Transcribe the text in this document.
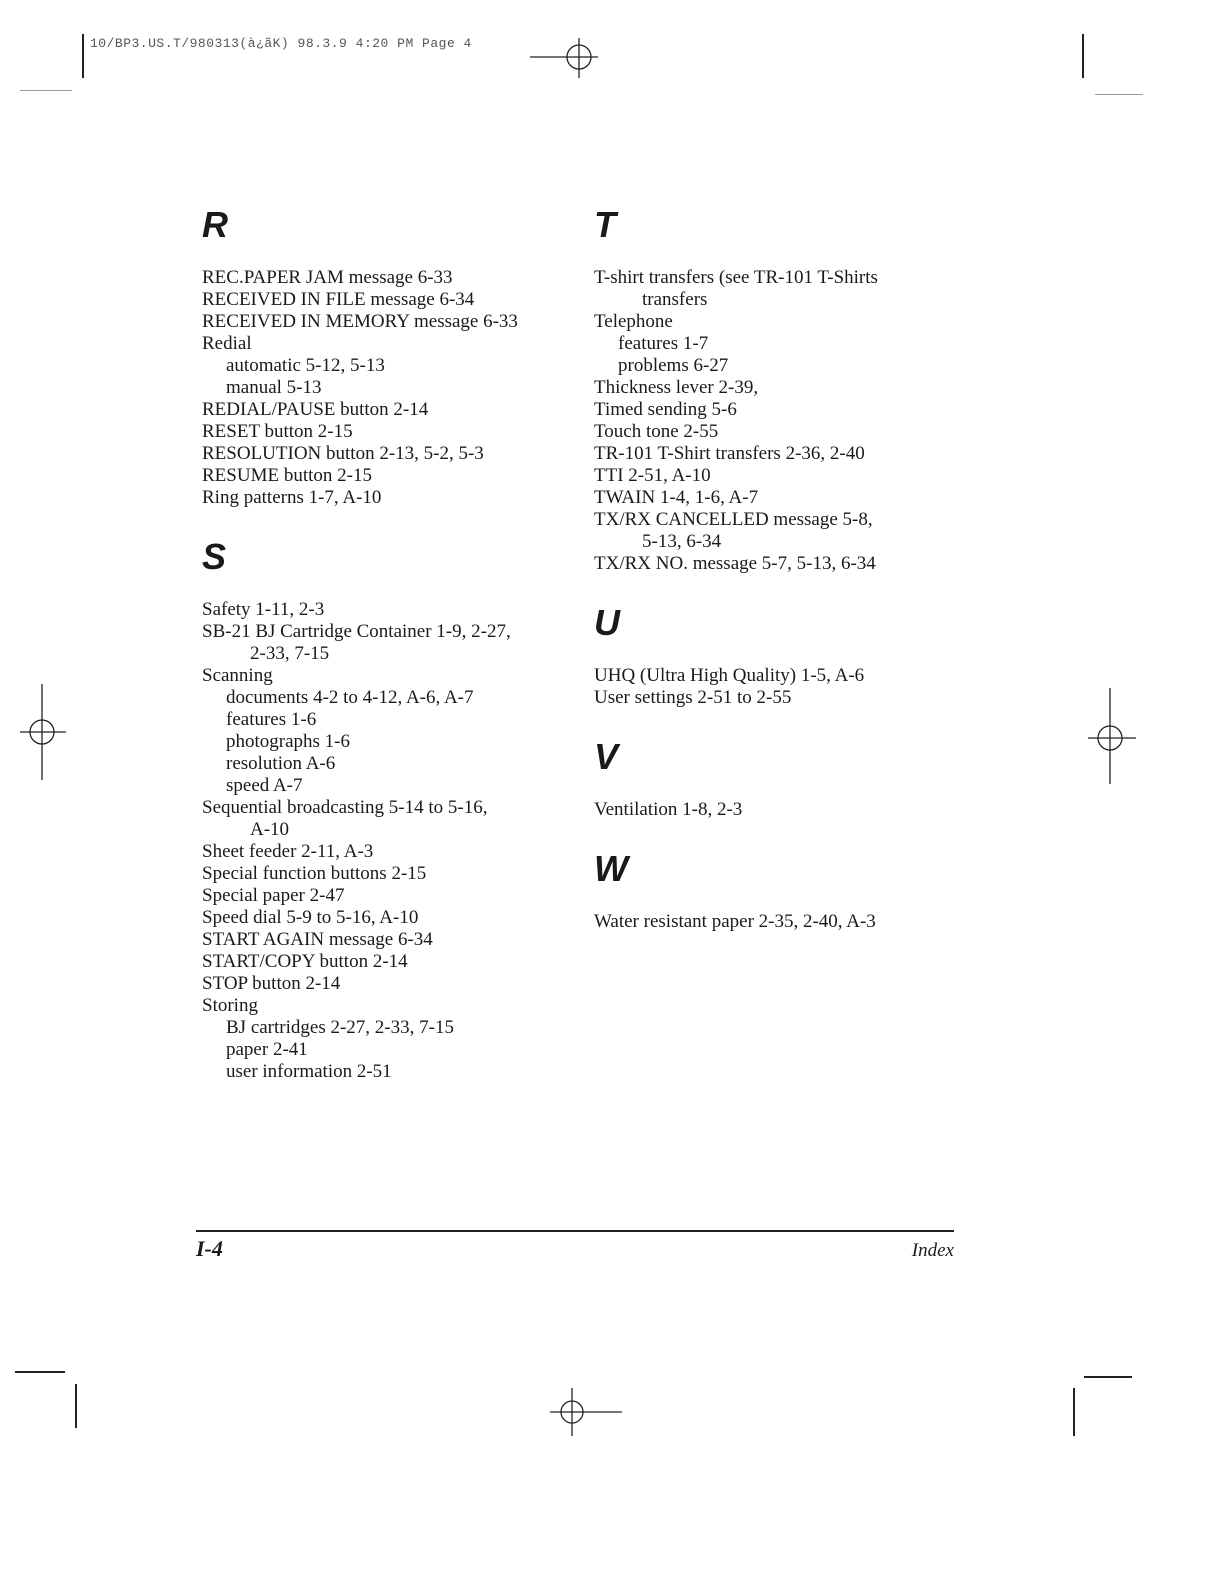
10/BP3.US.T/980313(à¿ãK) 98.3.9 4:20 PM Page 4
R
REC.PAPER JAM message 6-33
RECEIVED IN FILE message 6-34
RECEIVED IN MEMORY message 6-33
Redial
automatic 5-12, 5-13
manual 5-13
REDIAL/PAUSE button 2-14
RESET button 2-15
RESOLUTION button 2-13, 5-2, 5-3
RESUME button 2-15
Ring patterns 1-7, A-10
S
Safety 1-11, 2-3
SB-21 BJ Cartridge Container 1-9, 2-27,
2-33, 7-15
Scanning
documents 4-2 to 4-12, A-6, A-7
features 1-6
photographs 1-6
resolution A-6
speed A-7
Sequential broadcasting 5-14 to 5-16,
A-10
Sheet feeder 2-11, A-3
Special function buttons 2-15
Special paper 2-47
Speed dial 5-9 to 5-16, A-10
START AGAIN message 6-34
START/COPY button 2-14
STOP button 2-14
Storing
BJ cartridges 2-27, 2-33, 7-15
paper 2-41
user information 2-51
T
T-shirt transfers (see TR-101 T-Shirts
transfers
Telephone
features 1-7
problems 6-27
Thickness lever 2-39,
Timed sending 5-6
Touch tone 2-55
TR-101 T-Shirt transfers 2-36, 2-40
TTI 2-51, A-10
TWAIN 1-4, 1-6, A-7
TX/RX CANCELLED message 5-8,
5-13, 6-34
TX/RX NO. message 5-7, 5-13, 6-34
U
UHQ (Ultra High Quality) 1-5, A-6
User settings 2-51 to 2-55
V
Ventilation 1-8, 2-3
W
Water resistant paper 2-35, 2-40, A-3
I-4	Index
